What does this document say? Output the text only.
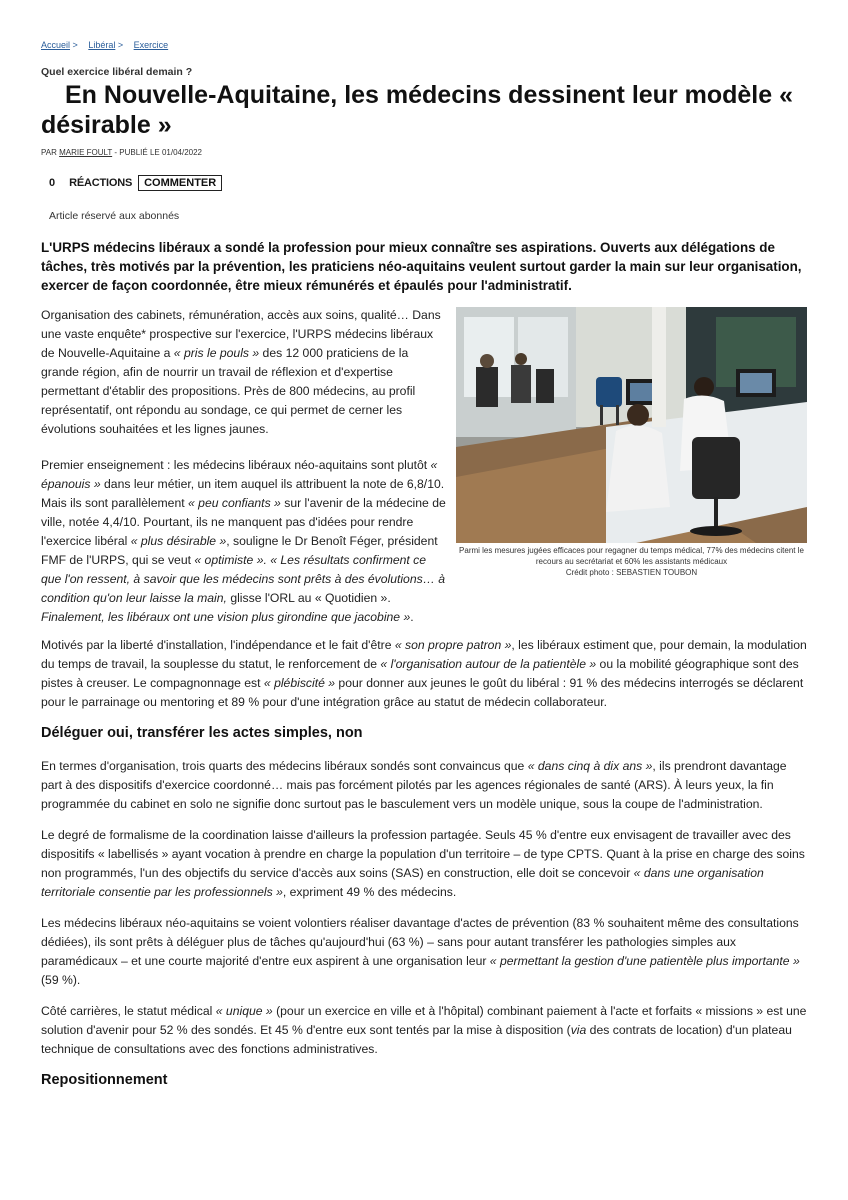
Accueil > Libéral > Exercice
Quel exercice libéral demain ?
En Nouvelle-Aquitaine, les médecins dessinent leur modèle « désirable »
PAR MARIE FOULT - PUBLIÉ LE 01/04/2022
0 RÉACTIONS	COMMENTER
Article réservé aux abonnés

L'URPS médecins libéraux a sondé la profession pour mieux connaître ses aspirations. Ouverts aux délégations de tâches, très motivés par la prévention, les praticiens néo-aquitains veulent surtout garder la main sur leur organisation, exercer de façon coordonnée, être mieux rémunérés et épaulés pour l'administratif.

Organisation des cabinets, rémunération, accès aux soins, qualité… Dans une vaste enquête* prospective sur l'exercice, l'URPS médecins libéraux de Nouvelle-Aquitaine a « pris le pouls » des 12 000 praticiens de la grande région, afin de nourrir un travail de réflexion et d'expertise permettant d'établir des propositions. Près de 800 médecins, au profil représentatif, ont répondu au sondage, ce qui permet de cerner les évolutions souhaitées et les lignes jaunes.

Parmi les mesures jugées efficaces pour regagner du temps médical, 77% des médecins citent le recours au secrétariat et 60% les assistants médicaux
Crédit photo : SEBASTIEN TOUBON

Premier enseignement : les médecins libéraux néo-aquitains sont plutôt « épanouis » dans leur métier, un item auquel ils attribuent la note de 6,8/10. Mais ils sont parallèlement « peu confiants » sur l'avenir de la médecine de ville, notée 4,4/10. Pourtant, ils ne manquent pas d'idées pour rendre l'exercice libéral « plus désirable », souligne le Dr Benoît Féger, président FMF de l'URPS, qui se veut « optimiste ». « Les résultats confirment ce que l'on ressent, à savoir que les médecins sont prêts à des évolutions… à condition qu'on leur laisse la main, glisse l'ORL au « Quotidien ». Finalement, les libéraux ont une vision plus girondine que jacobine ».

Motivés par la liberté d'installation, l'indépendance et le fait d'être « son propre patron », les libéraux estiment que, pour demain, la modulation du temps de travail, la souplesse du statut, le renforcement de « l'organisation autour de la patientèle » ou la mobilité géographique sont des pistes à creuser. Le compagnonnage est « plébiscité » pour donner aux jeunes le goût du libéral : 91 % des médecins interrogés se déclarent pour le parrainage ou mentoring et 89 % pour d'une intégration grâce au statut de médecin collaborateur.

Déléguer oui, transférer les actes simples, non

En termes d'organisation, trois quarts des médecins libéraux sondés sont convaincus que « dans cinq à dix ans », ils prendront davantage part à des dispositifs d'exercice coordonné… mais pas forcément pilotés par les agences régionales de santé (ARS). À leurs yeux, la fin programmée du cabinet en solo ne signifie donc surtout pas le basculement vers un modèle unique, sous la coupe de l'administration.

Le degré de formalisme de la coordination laisse d'ailleurs la profession partagée. Seuls 45 % d'entre eux envisagent de travailler avec des dispositifs « labellisés » ayant vocation à prendre en charge la population d'un territoire – de type CPTS. Quant à la prise en charge des soins non programmés, l'un des objectifs du service d'accès aux soins (SAS) en construction, elle doit se concevoir « dans une organisation territoriale consentie par les professionnels », expriment 49 % des médecins.

Les médecins libéraux néo-aquitains se voient volontiers réaliser davantage d'actes de prévention (83 % souhaitent même des consultations dédiées), ils sont prêts à déléguer plus de tâches qu'aujourd'hui (63 %) – sans pour autant transférer les pathologies simples aux paramédicaux – et une courte majorité d'entre eux aspirent à une organisation leur « permettant la gestion d'une patientèle plus importante » (59 %).

Côté carrières, le statut médical « unique » (pour un exercice en ville et à l'hôpital) combinant paiement à l'acte et forfaits « missions » est une solution d'avenir pour 52 % des sondés. Et 45 % d'entre eux sont tentés par la mise à disposition (via des contrats de location) d'un plateau technique de consultations avec des fonctions administratives.

Repositionnement
